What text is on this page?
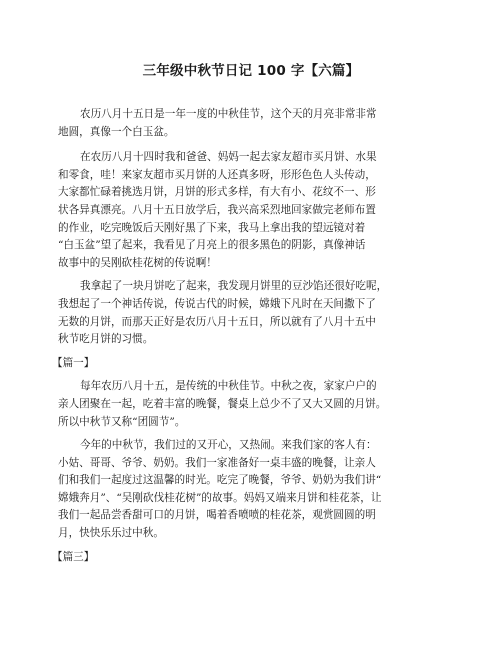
三年级中秋节日记 100 字【六篇】
农历八月十五日是一年一度的中秋佳节，这个天的月亮非常非常
地圆，真像一个白玉盆。
在农历八月十四时我和爸爸、妈妈一起去家友超市买月饼、水果
和零食，哇！来家友超市买月饼的人还真多呀，形形色色人头传动，
大家都忙碌着挑选月饼，月饼的形式多样，有大有小、花纹不一、形
状各异真漂亮。八月十五日放学后，我兴高采烈地回家做完老师布置
的作业，吃完晚饭后天刚好黑了下来，我马上拿出我的望远镜对着
“白玉盆”望了起来，我看见了月亮上的很多黑色的阴影，真像神话
故事中的吴刚砍桂花树的传说啊！
我拿起了一块月饼吃了起来，我发现月饼里的豆沙馅还很好吃呢，
我想起了一个神话传说，传说古代的时候，嫦娥下凡时在天间撒下了
无数的月饼，而那天正好是农历八月十五日，所以就有了八月十五中
秋节吃月饼的习惯。
【篇一】
每年农历八月十五，是传统的中秋佳节。中秋之夜，家家户户的
亲人团聚在一起，吃着丰富的晚餐，餐桌上总少不了又大又圆的月饼。
所以中秋节又称“团圆节”。
今年的中秋节，我们过的又开心，又热闹。来我们家的客人有：
小姑、哥哥、爷爷、奶奶。我们一家准备好一桌丰盛的晚餐，让亲人
们和我们一起度过这温馨的时光。吃完了晚餐，爷爷、奶奶为我们讲“
嫦娥奔月”、“吴刚砍伐桂花树”的故事。妈妈又端来月饼和桂花茶，让
我们一起品尝香甜可口的月饼，喝着香喷喷的桂花茶，观赏圆圆的明
月，快快乐乐过中秋。
【篇三】
